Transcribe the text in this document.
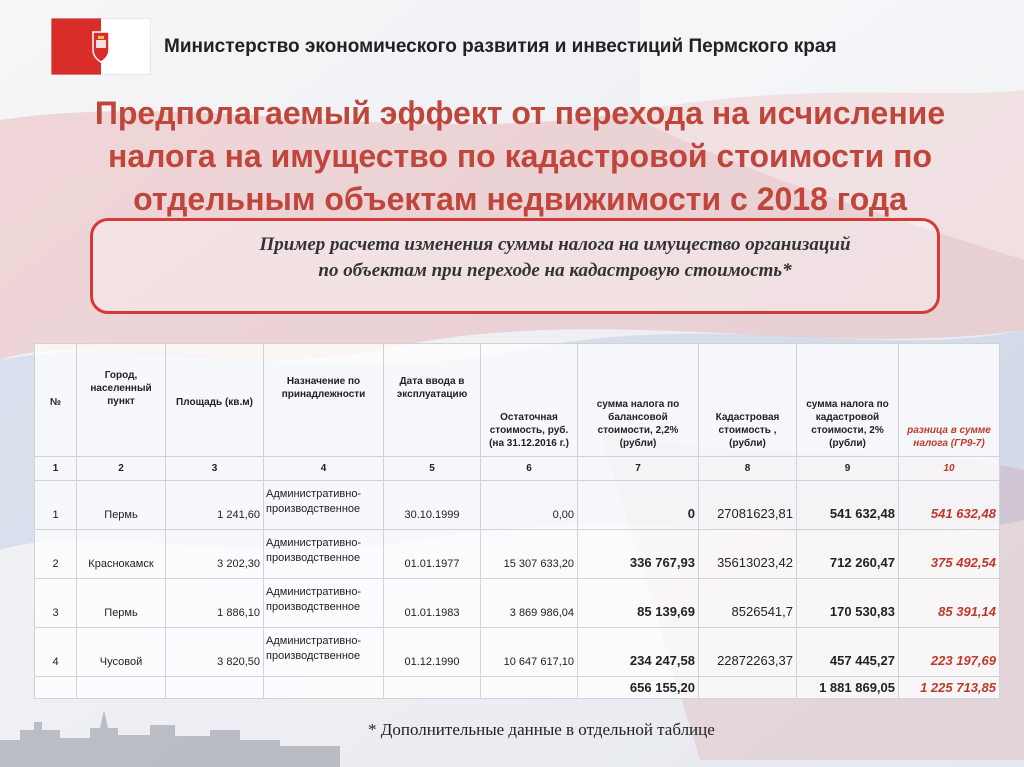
Министерство экономического развития и инвестиций Пермского края
Предполагаемый эффект от перехода на исчисление
налога на имущество по кадастровой стоимости по
отдельным объектам недвижимости с 2018 года
Пример расчета изменения суммы налога на имущество организаций
по объектам при переходе на кадастровую стоимость*
№	Город, населенный пункт	Площадь (кв.м)	Назначение по принадлежности	Дата ввода в эксплуатацию	Остаточная стоимость, руб. (на 31.12.2016 г.)	сумма налога по балансовой стоимости, 2,2% (рубли)	Кадастровая стоимость , (рубли)	сумма налога по кадастровой стоимости, 2% (рубли)	разница в сумме налога (ГР9-7)
1	2	3	4	5	6	7	8	9	10
1	Пермь	1 241,60	Административно-производственное	30.10.1999	0,00	0	27081623,81	541 632,48	541 632,48
2	Краснокамск	3 202,30	Административно-производственное	01.01.1977	15 307 633,20	336 767,93	35613023,42	712 260,47	375 492,54
3	Пермь	1 886,10	Административно-производственное	01.01.1983	3 869 986,04	85 139,69	8526541,7	170 530,83	85 391,14
4	Чусовой	3 820,50	Административно-производственное	01.12.1990	10 647 617,10	234 247,58	22872263,37	457 445,27	223 197,69
						656 155,20		1 881 869,05	1 225 713,85
* Дополнительные данные в отдельной таблице
